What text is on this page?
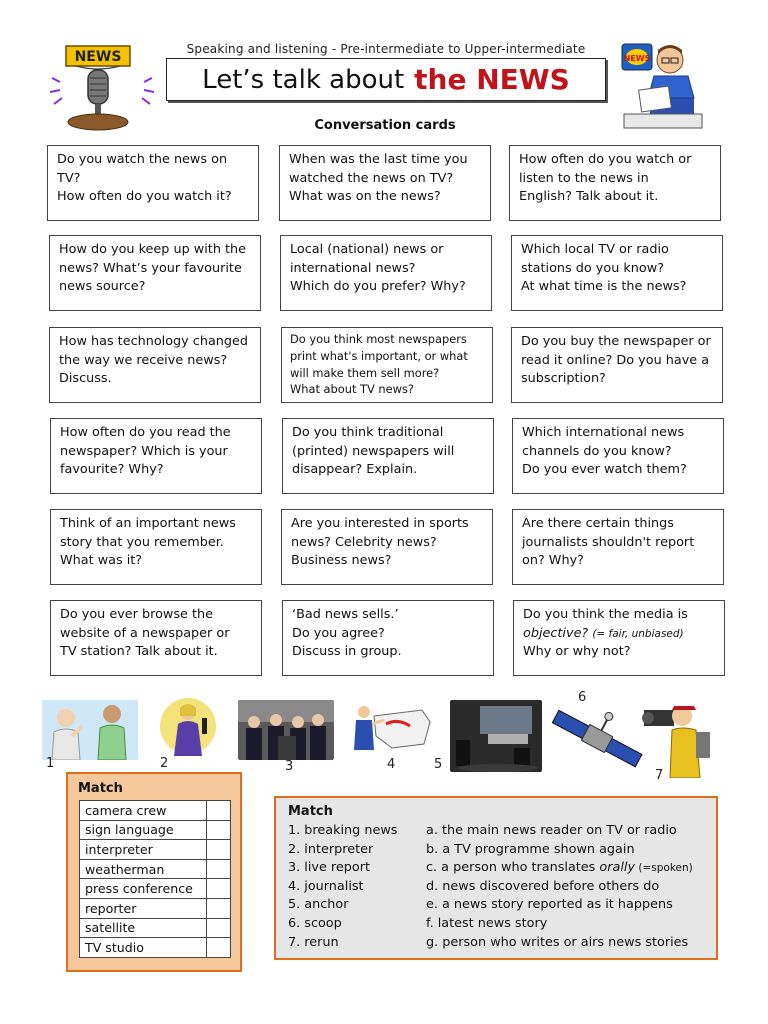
NEWS	Speaking and listening - Pre-intermediate to Upper-intermediate
Let’s talk about the NEWS
NEWS
Conversation cards
Do you watch the news on
TV?
How often do you watch it?
When was the last time you
watched the news on TV?
What was on the news?
How often do you watch or
listen to the news in
English? Talk about it.
How do you keep up with the
news? What’s your favourite
news source?
Local (national) news or
international news?
Which do you prefer? Why?
Which local TV or radio
stations do you know?
At what time is the news?
How has technology changed
the way we receive news?
Discuss.
Do you think most newspapers
print what's important, or what
will make them sell more?
What about TV news?
Do you buy the newspaper or
read it online? Do you have a
subscription?
How often do you read the
newspaper? Which is your
favourite? Why?
Do you think traditional
(printed) newspapers will
disappear? Explain.
Which international news
channels do you know?
Do you ever watch them?
Think of an important news
story that you remember.
What was it?
Are you interested in sports
news? Celebrity news?
Business news?
Are there certain things
journalists shouldn't report
on? Why?
Do you ever browse the
website of a newspaper or
TV station? Talk about it.
‘Bad news sells.’
Do you agree?
Discuss in group.
Do you think the media is
objective? (= fair, unbiased)
Why or why not?
1	2	3	4	5
6
7
Match
camera crew	
sign language	
interpreter	
weatherman	
press conference	
reporter	
satellite	
TV studio	
Match
1. breaking news
2. interpreter
3. live report
4. journalist
5. anchor
6. scoop
7. rerun
a. the main news reader on TV or radio
b. a TV programme shown again
c. a person who translates orally (=spoken)
d. news discovered before others do
e. a news story reported as it happens
f. latest news story
g. person who writes or airs news stories
